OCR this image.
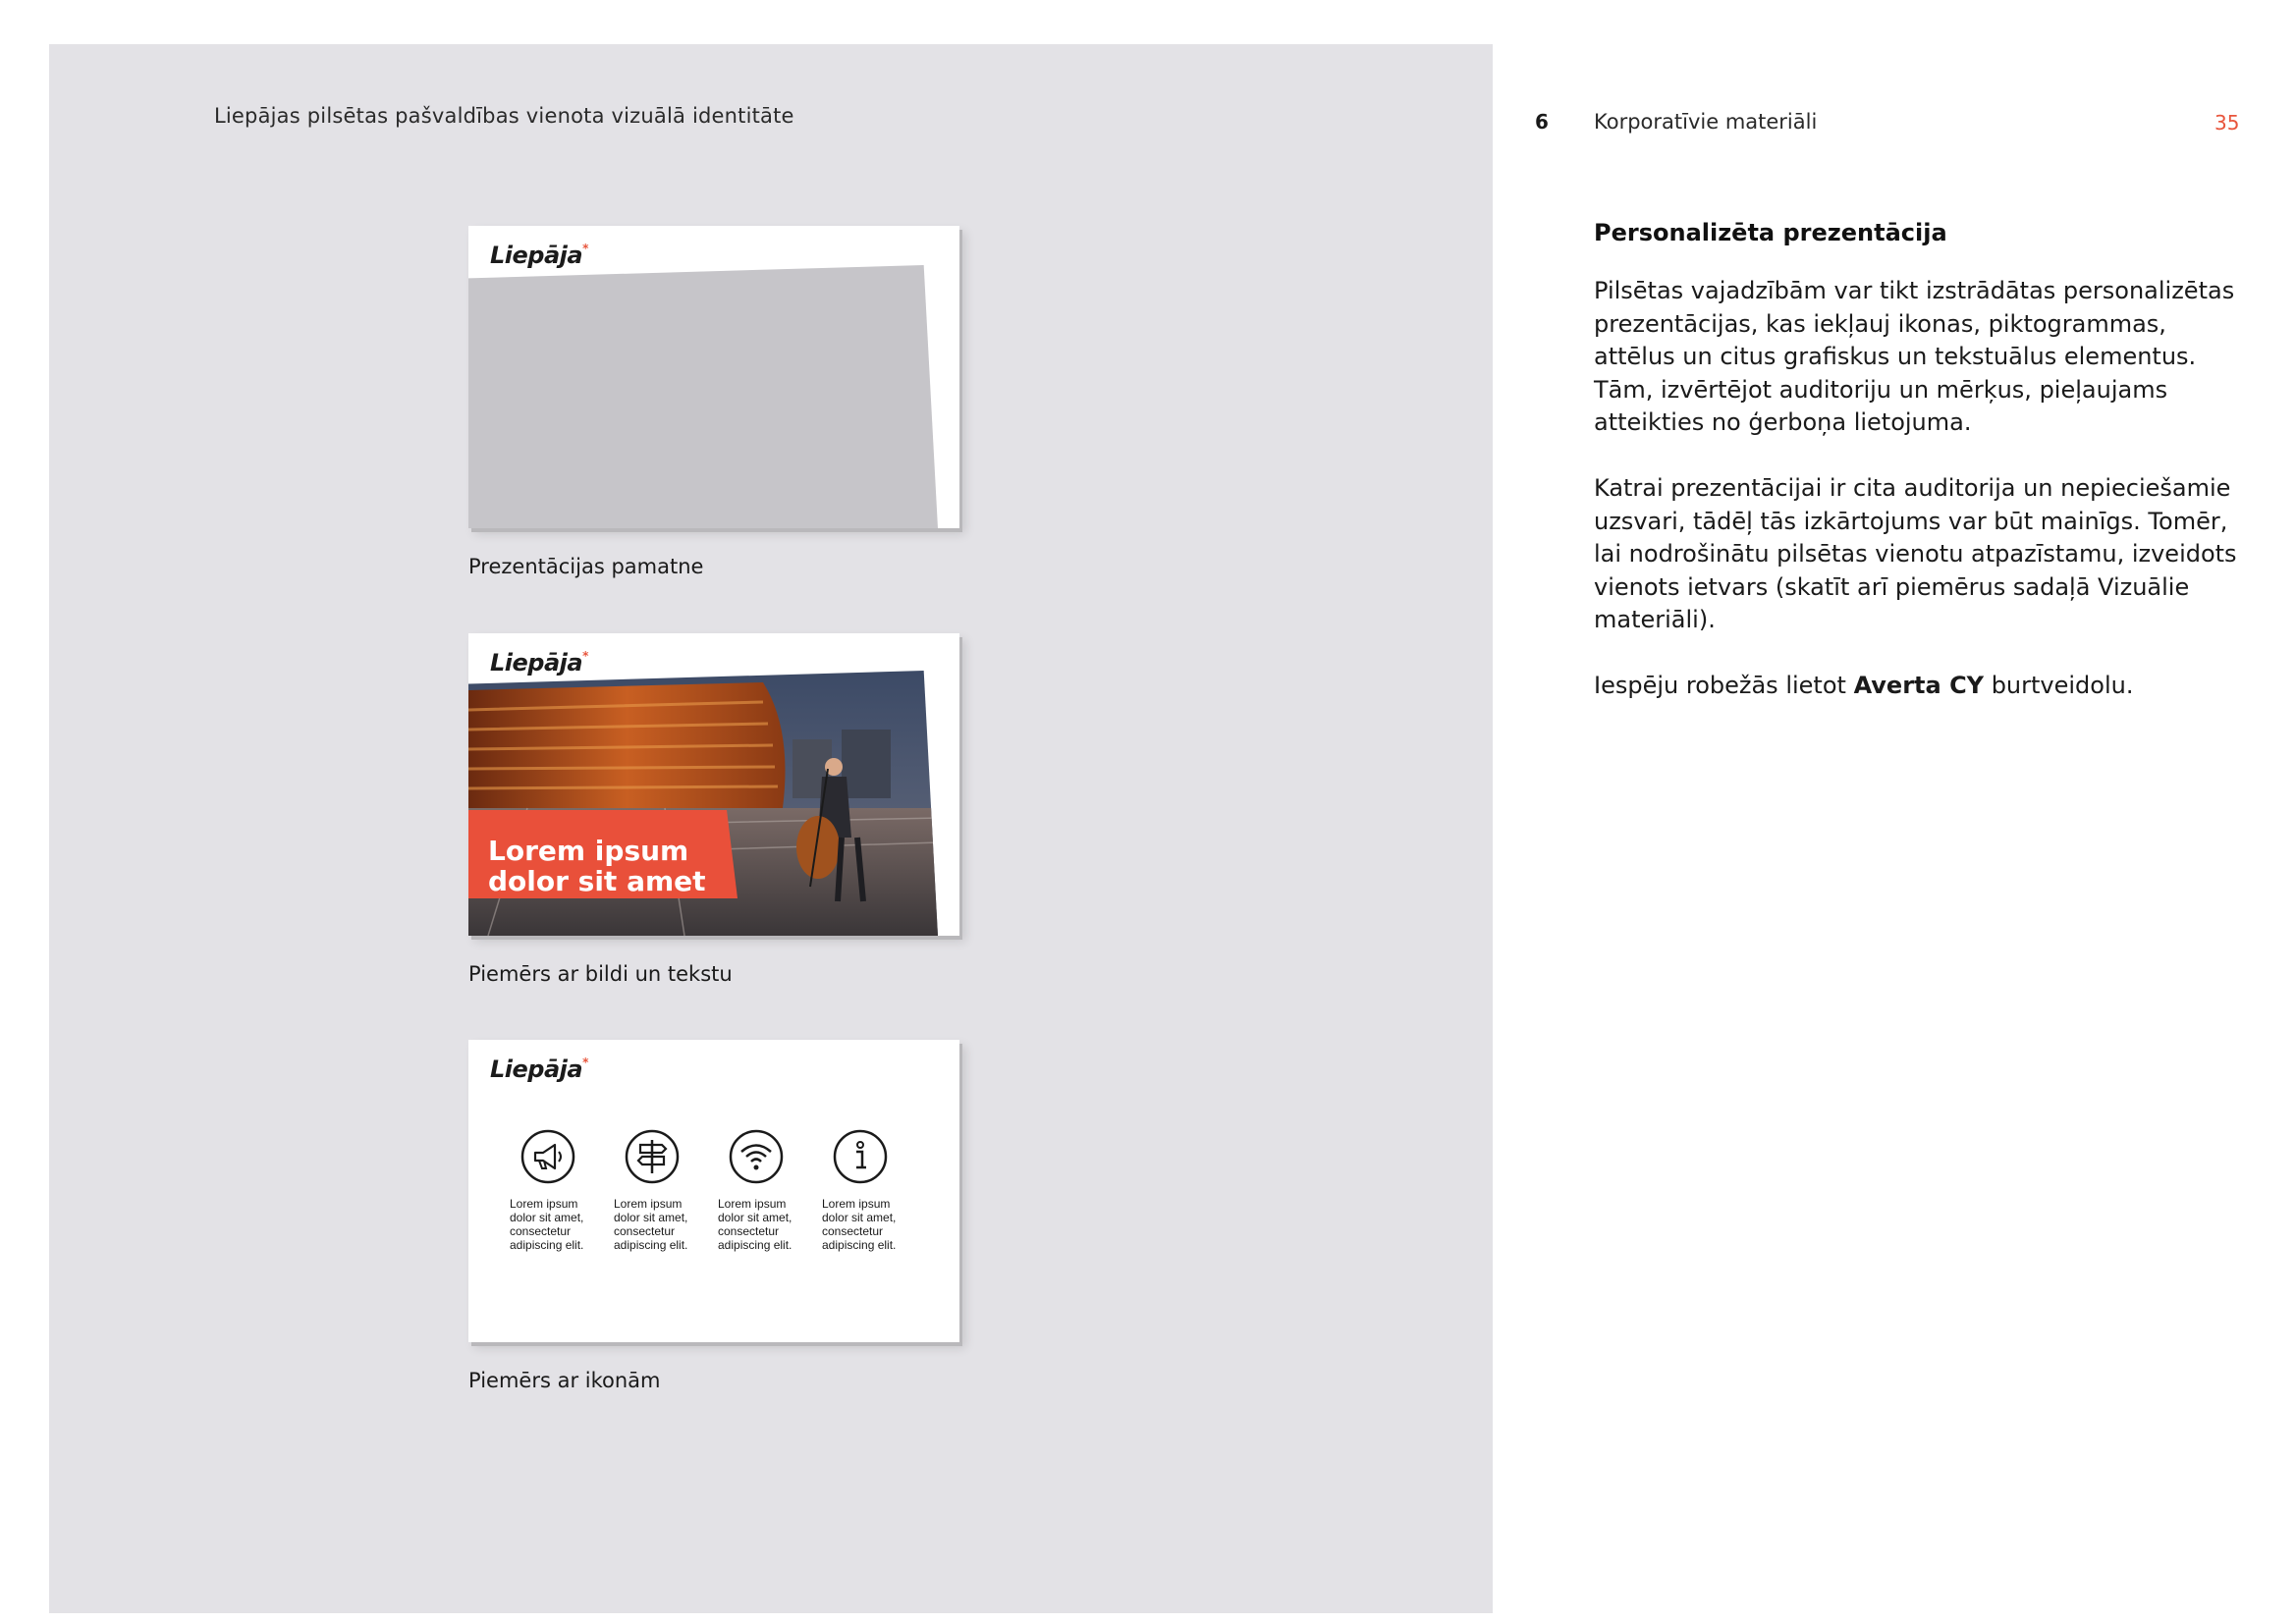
Liepājas pilsētas pašvaldības vienota vizuālā identitāte	6 Korporatīvie materiāli	35
Personalizēta prezentācija

Pilsētas vajadzībām var tikt izstrādātas personalizētas prezentācijas, kas iekļauj ikonas, piktogrammas, attēlus un citus grafiskus un tekstuālus elementus. Tām, izvērtējot auditoriju un mērķus, pieļaujams atteikties no ģerboņa lietojuma.

Katrai prezentācijai ir cita auditorija un nepieciešamie uzsvari, tādēļ tās izkārtojums var būt mainīgs. Tomēr, lai nodrošinātu pilsētas vienotu atpazīstamu, izveidots vienots ietvars (skatīt arī piemērus sadaļā Vizuālie materiāli).

Iespēju robežās lietot Averta CY burtveidolu.

Liepāja*
Prezentācijas pamatne
Liepāja*
Lorem ipsum
dolor sit amet
Piemērs ar bildi un tekstu
Liepāja*
Lorem ipsum dolor sit amet, consectetur adipiscing elit.
Lorem ipsum dolor sit amet, consectetur adipiscing elit.
Lorem ipsum dolor sit amet, consectetur adipiscing elit.
Lorem ipsum dolor sit amet, consectetur adipiscing elit.
Piemērs ar ikonām
